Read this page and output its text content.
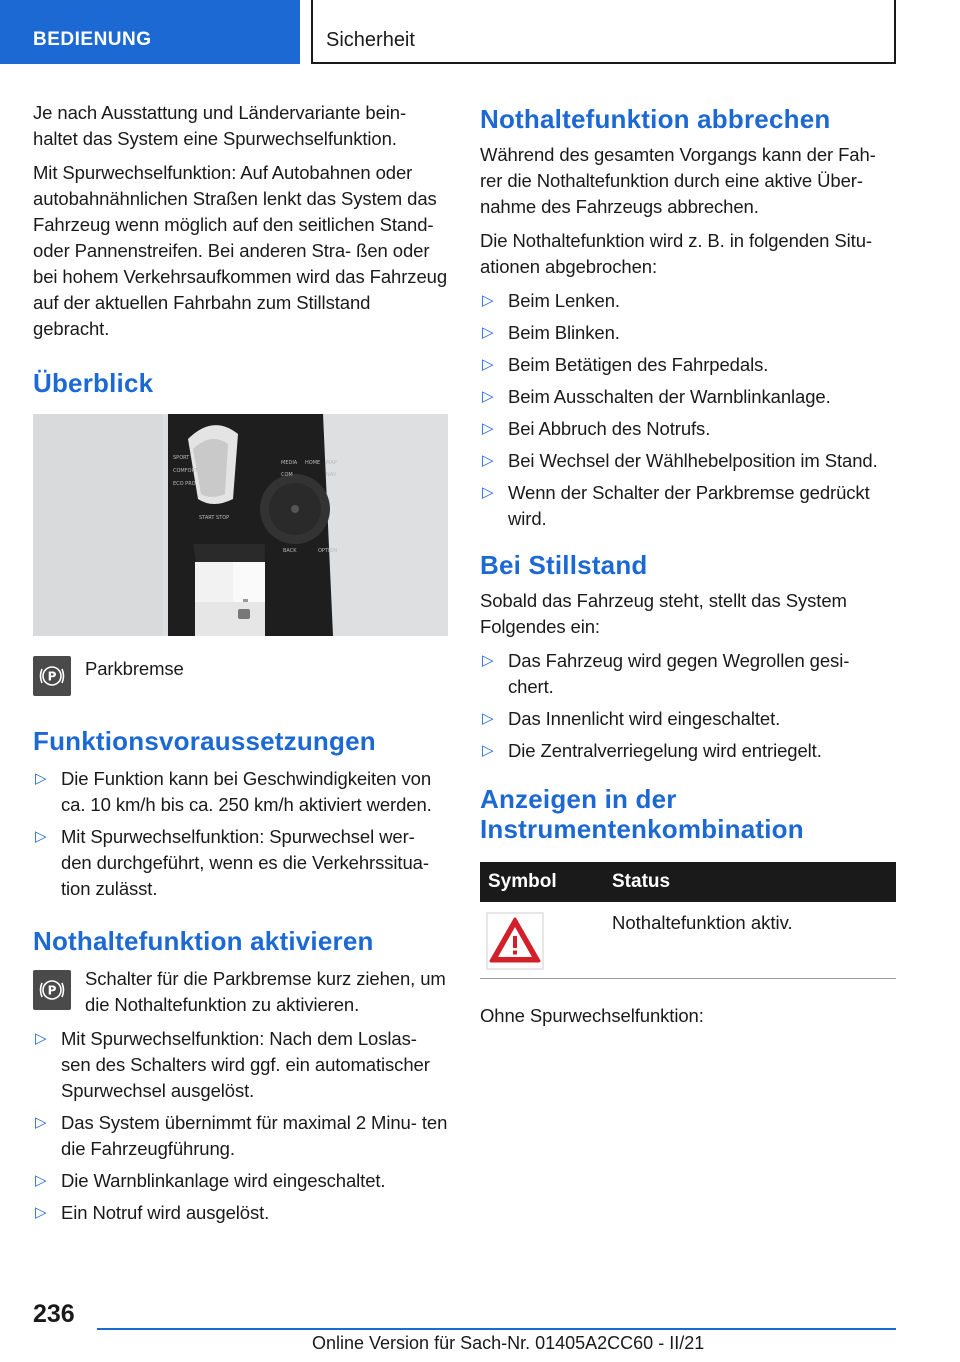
BEDIENUNG	Sicherheit

Je nach Ausstattung und Ländervariante bein‐ haltet das System eine Spurwechselfunktion.

Mit Spurwechselfunktion: Auf Autobahnen oder autobahnähnlichen Straßen lenkt das System das Fahrzeug wenn möglich auf den seitlichen Stand- oder Pannenstreifen. Bei anderen Stra‐ ßen oder bei hohem Verkehrsaufkommen wird das Fahrzeug auf der aktuellen Fahrbahn zum Stillstand gebracht.

Überblick
MEDIA HOME MAP
COM	NAV
BACK	OPTION
START STOP
SPORT
COMFORT
ECO PRO
P Parkbremse

Funktionsvoraussetzungen
▷ Die Funktion kann bei Geschwindigkeiten von ca. 10 km/h bis ca. 250 km/h aktiviert werden.
▷ Mit Spurwechselfunktion: Spurwechsel wer‐ den durchgeführt, wenn es die Verkehrssitua‐ tion zulässt.
Nothaltefunktion aktivieren
P

Schalter für die Parkbremse kurz ziehen, um die Nothaltefunktion zu aktivieren.

▷ Mit Spurwechselfunktion: Nach dem Loslas‐ sen des Schalters wird ggf. ein automatischer Spurwechsel ausgelöst.
▷ Das System übernimmt für maximal 2 Minu‐ ten die Fahrzeugführung.
▷ Die Warnblinkanlage wird eingeschaltet.
▷ Ein Notruf wird ausgelöst.
Nothaltefunktion abbrechen

Während des gesamten Vorgangs kann der Fah‐ rer die Nothaltefunktion durch eine aktive Über‐ nahme des Fahrzeugs abbrechen.

Die Nothaltefunktion wird z. B. in folgenden Situ‐ ationen abgebrochen:

▷ Beim Lenken.
▷ Beim Blinken.
▷ Beim Betätigen des Fahrpedals.
▷ Beim Ausschalten der Warnblinkanlage.
▷ Bei Abbruch des Notrufs.
▷ Bei Wechsel der Wählhebelposition im Stand.
▷ Wenn der Schalter der Parkbremse gedrückt wird.
Bei Stillstand

Sobald das Fahrzeug steht, stellt das System Folgendes ein:

▷ Das Fahrzeug wird gegen Wegrollen gesi‐ chert.
▷ Das Innenlicht wird eingeschaltet.
▷ Die Zentralverriegelung wird entriegelt.
Anzeigen in der Instrumentenkombination
Symbol	Status
	Nothaltefunktion aktiv.

Ohne Spurwechselfunktion:

236
Online Version für Sach-Nr. 01405A2CC60 - II/21
